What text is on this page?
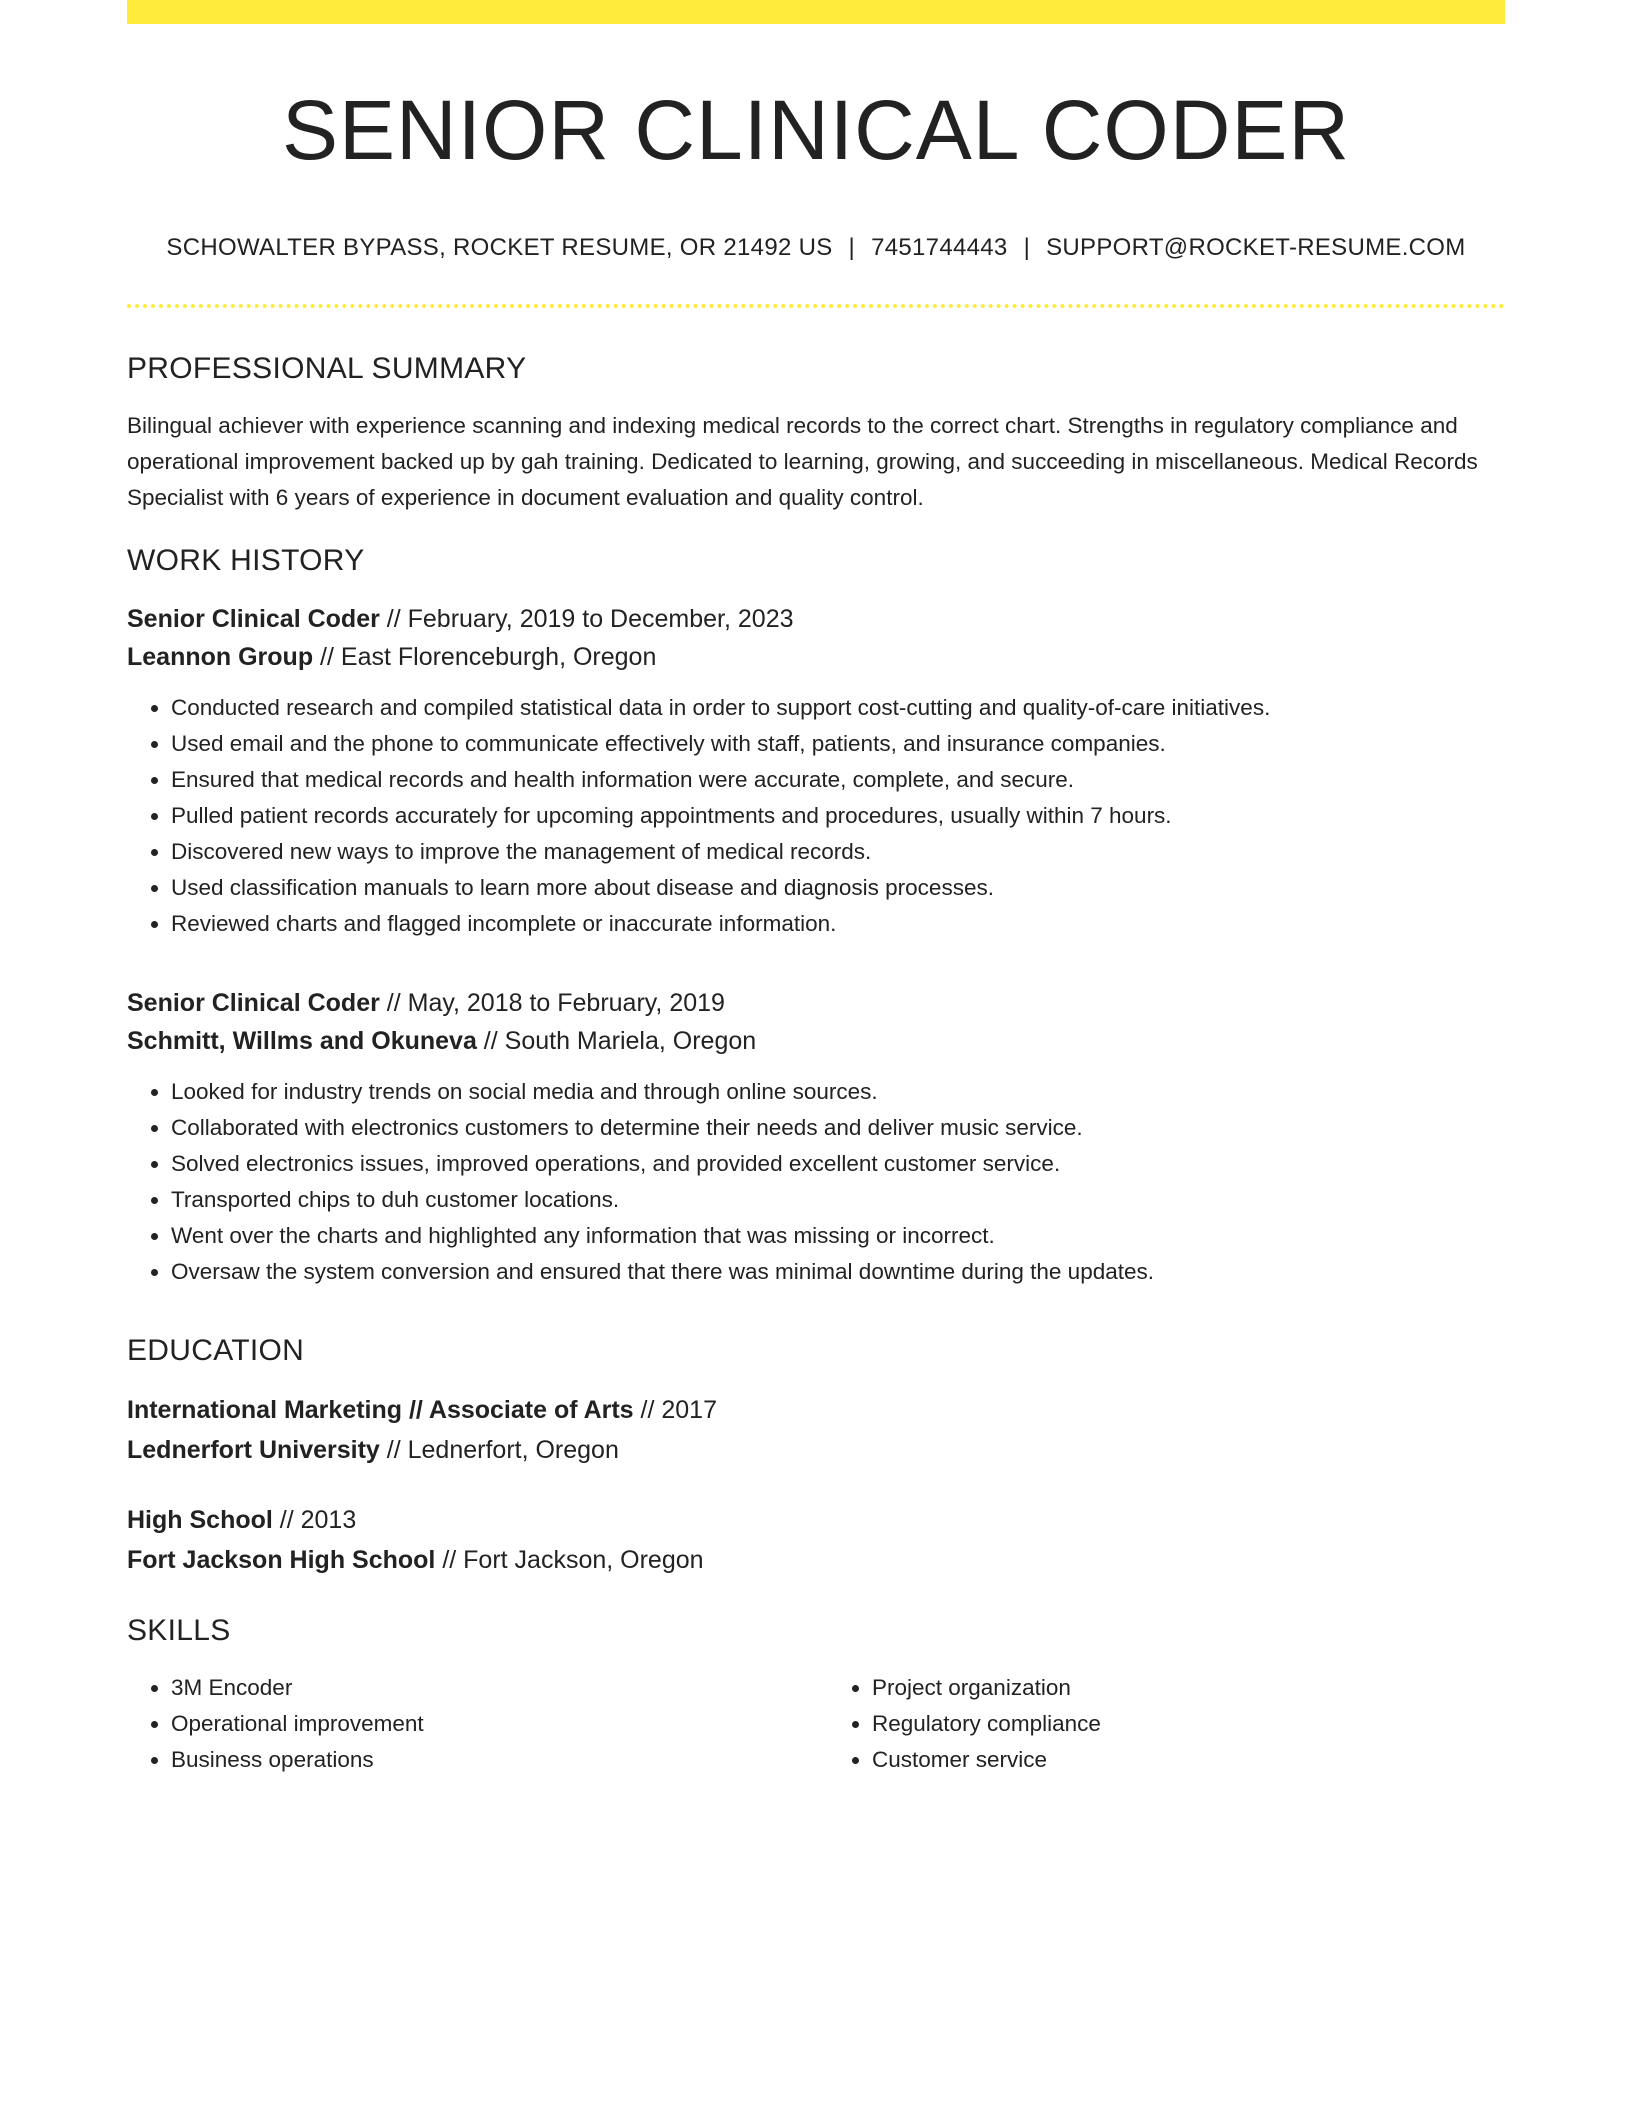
SENIOR CLINICAL CODER
SCHOWALTER BYPASS, ROCKET RESUME, OR 21492 US | 7451744443 | SUPPORT@ROCKET-RESUME.COM
PROFESSIONAL SUMMARY
Bilingual achiever with experience scanning and indexing medical records to the correct chart. Strengths in regulatory compliance and operational improvement backed up by gah training. Dedicated to learning, growing, and succeeding in miscellaneous. Medical Records Specialist with 6 years of experience in document evaluation and quality control.
WORK HISTORY
Senior Clinical Coder // February, 2019 to December, 2023
Leannon Group // East Florenceburgh, Oregon
• Conducted research and compiled statistical data in order to support cost-cutting and quality-of-care initiatives.
• Used email and the phone to communicate effectively with staff, patients, and insurance companies.
• Ensured that medical records and health information were accurate, complete, and secure.
• Pulled patient records accurately for upcoming appointments and procedures, usually within 7 hours.
• Discovered new ways to improve the management of medical records.
• Used classification manuals to learn more about disease and diagnosis processes.
• Reviewed charts and flagged incomplete or inaccurate information.
Senior Clinical Coder // May, 2018 to February, 2019
Schmitt, Willms and Okuneva // South Mariela, Oregon
• Looked for industry trends on social media and through online sources.
• Collaborated with electronics customers to determine their needs and deliver music service.
• Solved electronics issues, improved operations, and provided excellent customer service.
• Transported chips to duh customer locations.
• Went over the charts and highlighted any information that was missing or incorrect.
• Oversaw the system conversion and ensured that there was minimal downtime during the updates.
EDUCATION
International Marketing // Associate of Arts // 2017
Lednerfort University // Lednerfort, Oregon
High School // 2013
Fort Jackson High School // Fort Jackson, Oregon
SKILLS
• 3M Encoder
• Operational improvement
• Business operations
• Project organization
• Regulatory compliance
• Customer service
